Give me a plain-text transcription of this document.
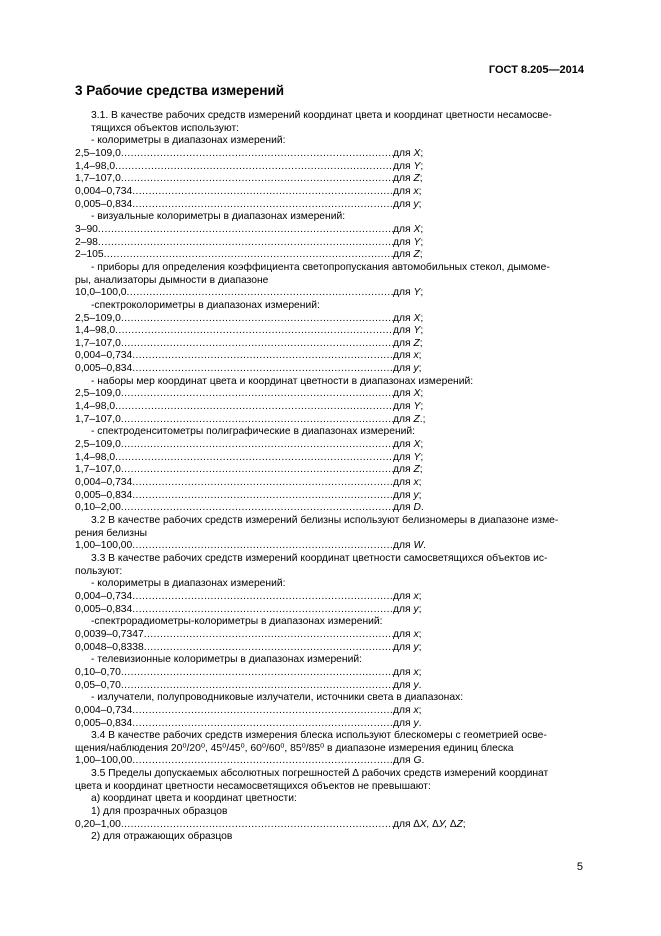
ГОСТ 8.205—2014
3 Рабочие средства измерений
3.1. В качестве рабочих средств измерений координат цвета и координат цветности несамосве-
тящихся объектов используют:
- колориметры в диапазонах измерений:
2,5–109,0 .....	для X;
1,4–98,0 .....	для Y;
1,7–107,0 .....	для Z;
0,004–0,734 .....	для x;
0,005–0,834 .....	для y;
- визуальные колориметры в диапазонах измерений:
3–90 .....	для X;
2–98 .....	для Y;
2–105 .....	для Z;
- приборы для определения коэффициента светопропускания автомобильных стекол, дымоме-
ры, анализаторы дымности в диапазоне
10,0–100,0 .....	для Y;
-спектроколориметры в диапазонах измерений:
2,5–109,0 .....	для X;
1,4–98,0 .....	для Y;
1,7–107,0 .....	для Z;
0,004–0,734 .....	для x;
0,005–0,834 .....	для y;
- наборы мер координат цвета и координат цветности в диапазонах измерений:
2,5–109,0 .....	для X;
1,4–98,0 .....	для Y;
1,7–107,0 .....	для Z.;
- спектроденситометры полиграфические в диапазонах измерений:
2,5–109,0 .....	для X;
1,4–98,0 .....	для Y;
1,7–107,0 .....	для Z;
0,004–0,734 .....	для x;
0,005–0,834 .....	для y;
0,10–2,00 .....	для D.
3.2 В качестве рабочих средств измерений белизны используют белизномеры в диапазоне изме-
рения белизны
1,00–100,00 .....	для W.
3.3 В качестве рабочих средств измерений координат цветности самосветящихся объектов ис-
пользуют:
- колориметры в диапазонах измерений:
0,004–0,734 .....	для x;
0,005–0,834 .....	для y;
-спектрорадиометры-колориметры в диапазонах измерений:
0,0039–0,7347 .....	для x;
0,0048–0,8338 .....	для y;
- телевизионные колориметры в диапазонах измерений:
0,10–0,70 .....	для x;
0,05–0,70 .....	для y.
- излучатели, полупроводниковые излучатели, источники света в диапазонах:
0,004–0,734 .....	для x;
0,005–0,834 .....	для y.
3.4 В качестве рабочих средств измерения блеска используют блескомеры с геометрией осве-
щения/наблюдения 20⁰/20⁰, 45⁰/45⁰, 60⁰/60⁰, 85⁰/85⁰ в диапазоне измерения единиц блеска
1,00–100,00 .....	для G.
3.5 Пределы допускаемых абсолютных погрешностей ∆ рабочих средств измерений координат
цвета и координат цветности несамосветящихся объектов не превышают:
а) координат цвета и координат цветности:
1) для прозрачных образцов
0,20–1,00 .....	для ∆X, ∆У, ∆Z;
2) для отражающих образцов
5
